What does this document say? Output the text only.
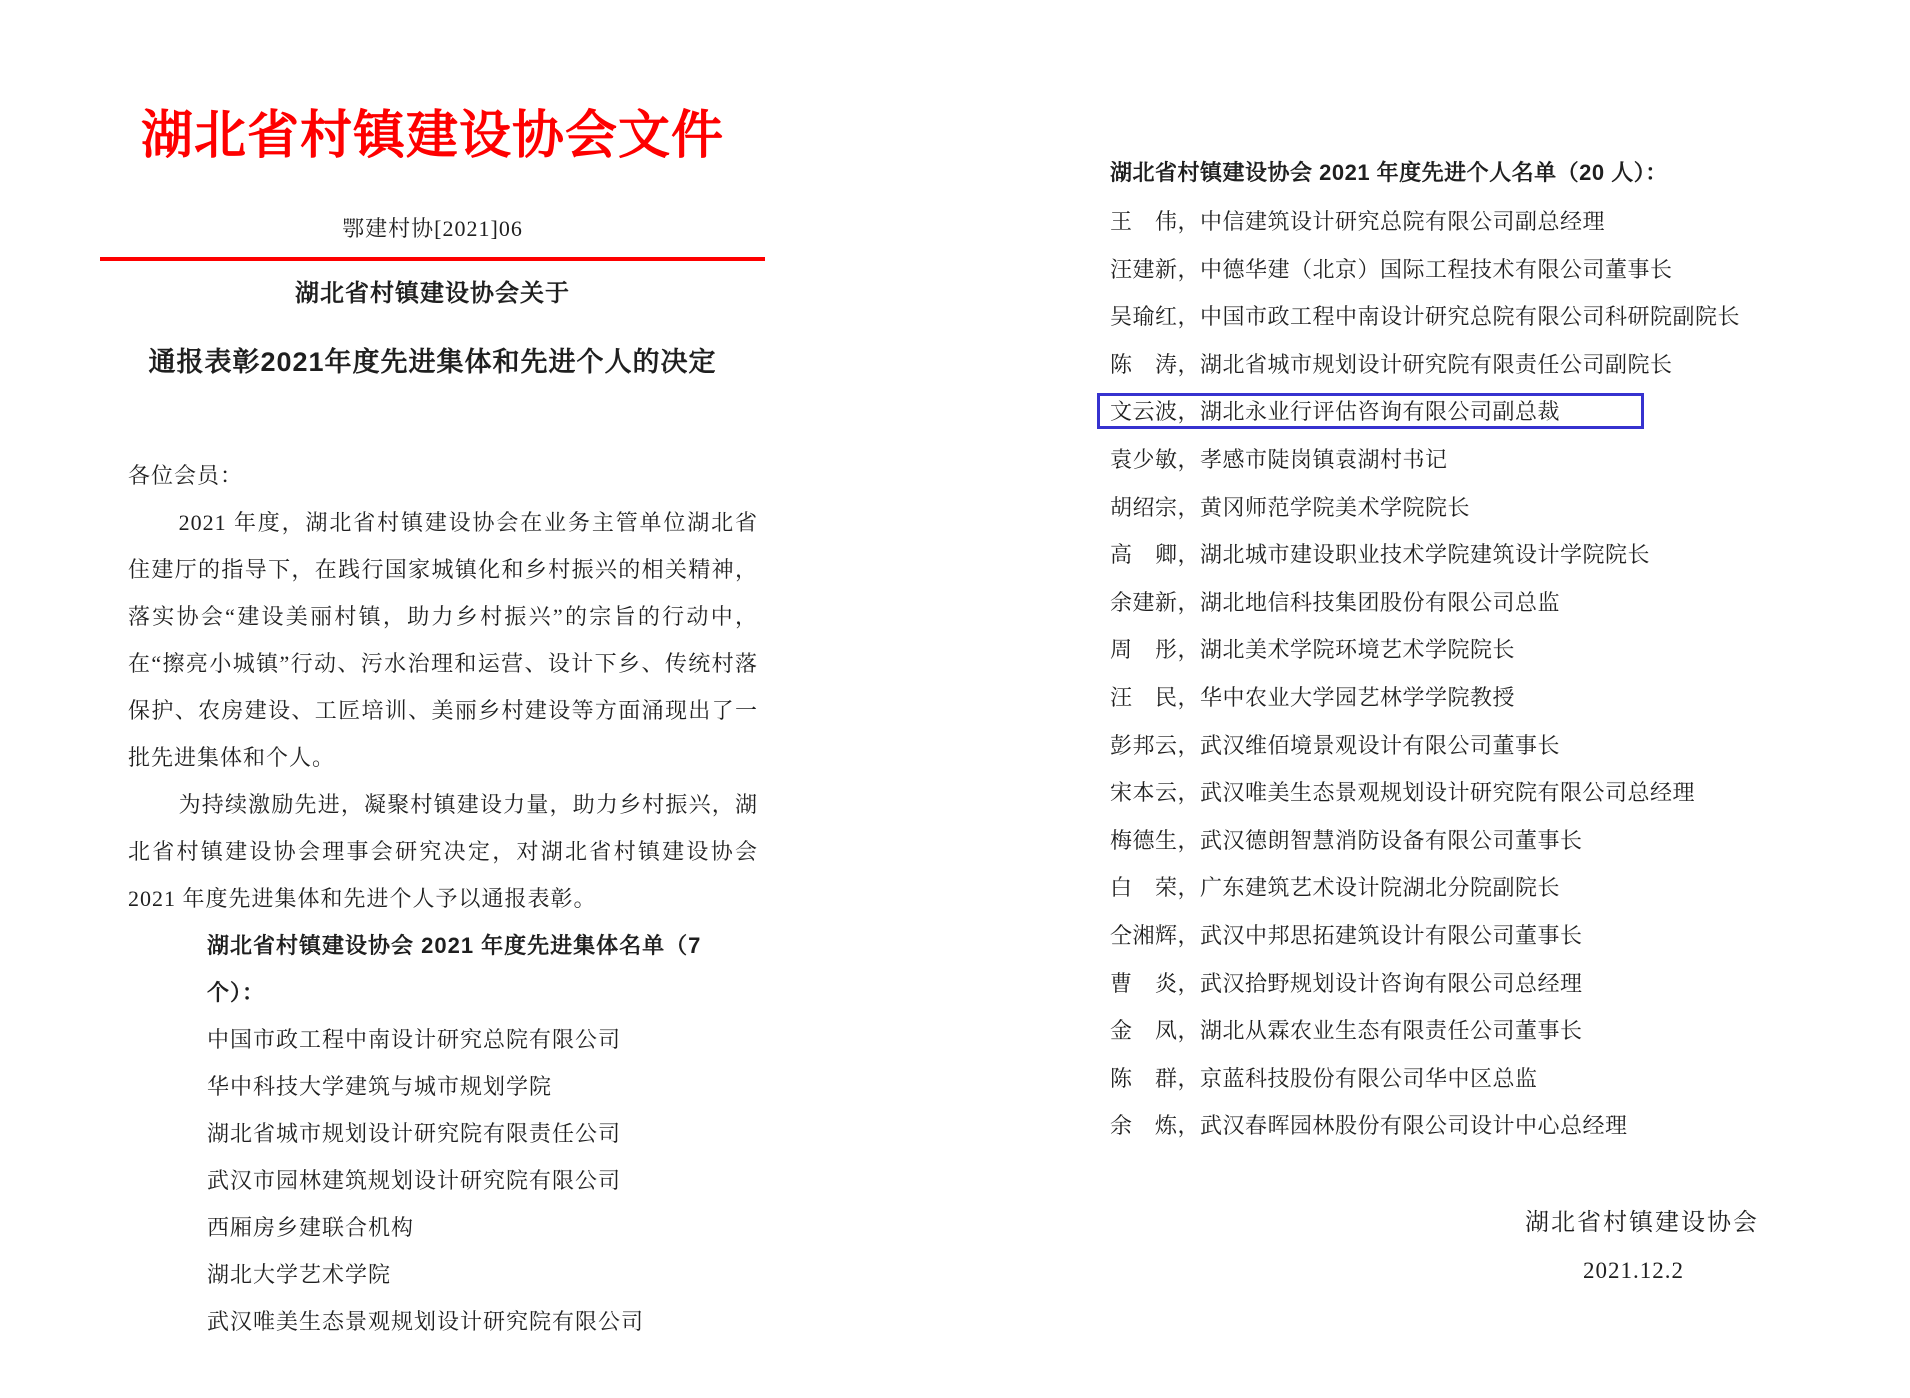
湖北省村镇建设协会文件
鄂建村协[2021]06
湖北省村镇建设协会关于
通报表彰2021年度先进集体和先进个人的决定
各位会员：

2021 年度，湖北省村镇建设协会在业务主管单位湖北省住建厅的指导下，在践行国家城镇化和乡村振兴的相关精神，落实协会“建设美丽村镇，助力乡村振兴”的宗旨的行动中，在“擦亮小城镇”行动、污水治理和运营、设计下乡、传统村落保护、农房建设、工匠培训、美丽乡村建设等方面涌现出了一批先进集体和个人。

为持续激励先进，凝聚村镇建设力量，助力乡村振兴，湖北省村镇建设协会理事会研究决定，对湖北省村镇建设协会 2021 年度先进集体和先进个人予以通报表彰。

湖北省村镇建设协会 2021 年度先进集体名单（7 个）：
中国市政工程中南设计研究总院有限公司
华中科技大学建筑与城市规划学院
湖北省城市规划设计研究院有限责任公司
武汉市园林建筑规划设计研究院有限公司
西厢房乡建联合机构
湖北大学艺术学院
武汉唯美生态景观规划设计研究院有限公司
湖北省村镇建设协会 2021 年度先进个人名单（20 人）：
王　伟，中信建筑设计研究总院有限公司副总经理
汪建新，中德华建（北京）国际工程技术有限公司董事长
吴瑜红，中国市政工程中南设计研究总院有限公司科研院副院长
陈　涛，湖北省城市规划设计研究院有限责任公司副院长
文云波，湖北永业行评估咨询有限公司副总裁
袁少敏，孝感市陡岗镇袁湖村书记
胡绍宗，黄冈师范学院美术学院院长
高　卿，湖北城市建设职业技术学院建筑设计学院院长
余建新，湖北地信科技集团股份有限公司总监
周　彤，湖北美术学院环境艺术学院院长
汪　民，华中农业大学园艺林学学院教授
彭邦云，武汉维佰境景观设计有限公司董事长
宋本云，武汉唯美生态景观规划设计研究院有限公司总经理
梅德生，武汉德朗智慧消防设备有限公司董事长
白　荣，广东建筑艺术设计院湖北分院副院长
仝湘辉，武汉中邦思拓建筑设计有限公司董事长
曹　炎，武汉拾野规划设计咨询有限公司总经理
金　凤，湖北从霖农业生态有限责任公司董事长
陈　群，京蓝科技股份有限公司华中区总监
余　炼，武汉春晖园林股份有限公司设计中心总经理
湖北省村镇建设协会
2021.12.2
